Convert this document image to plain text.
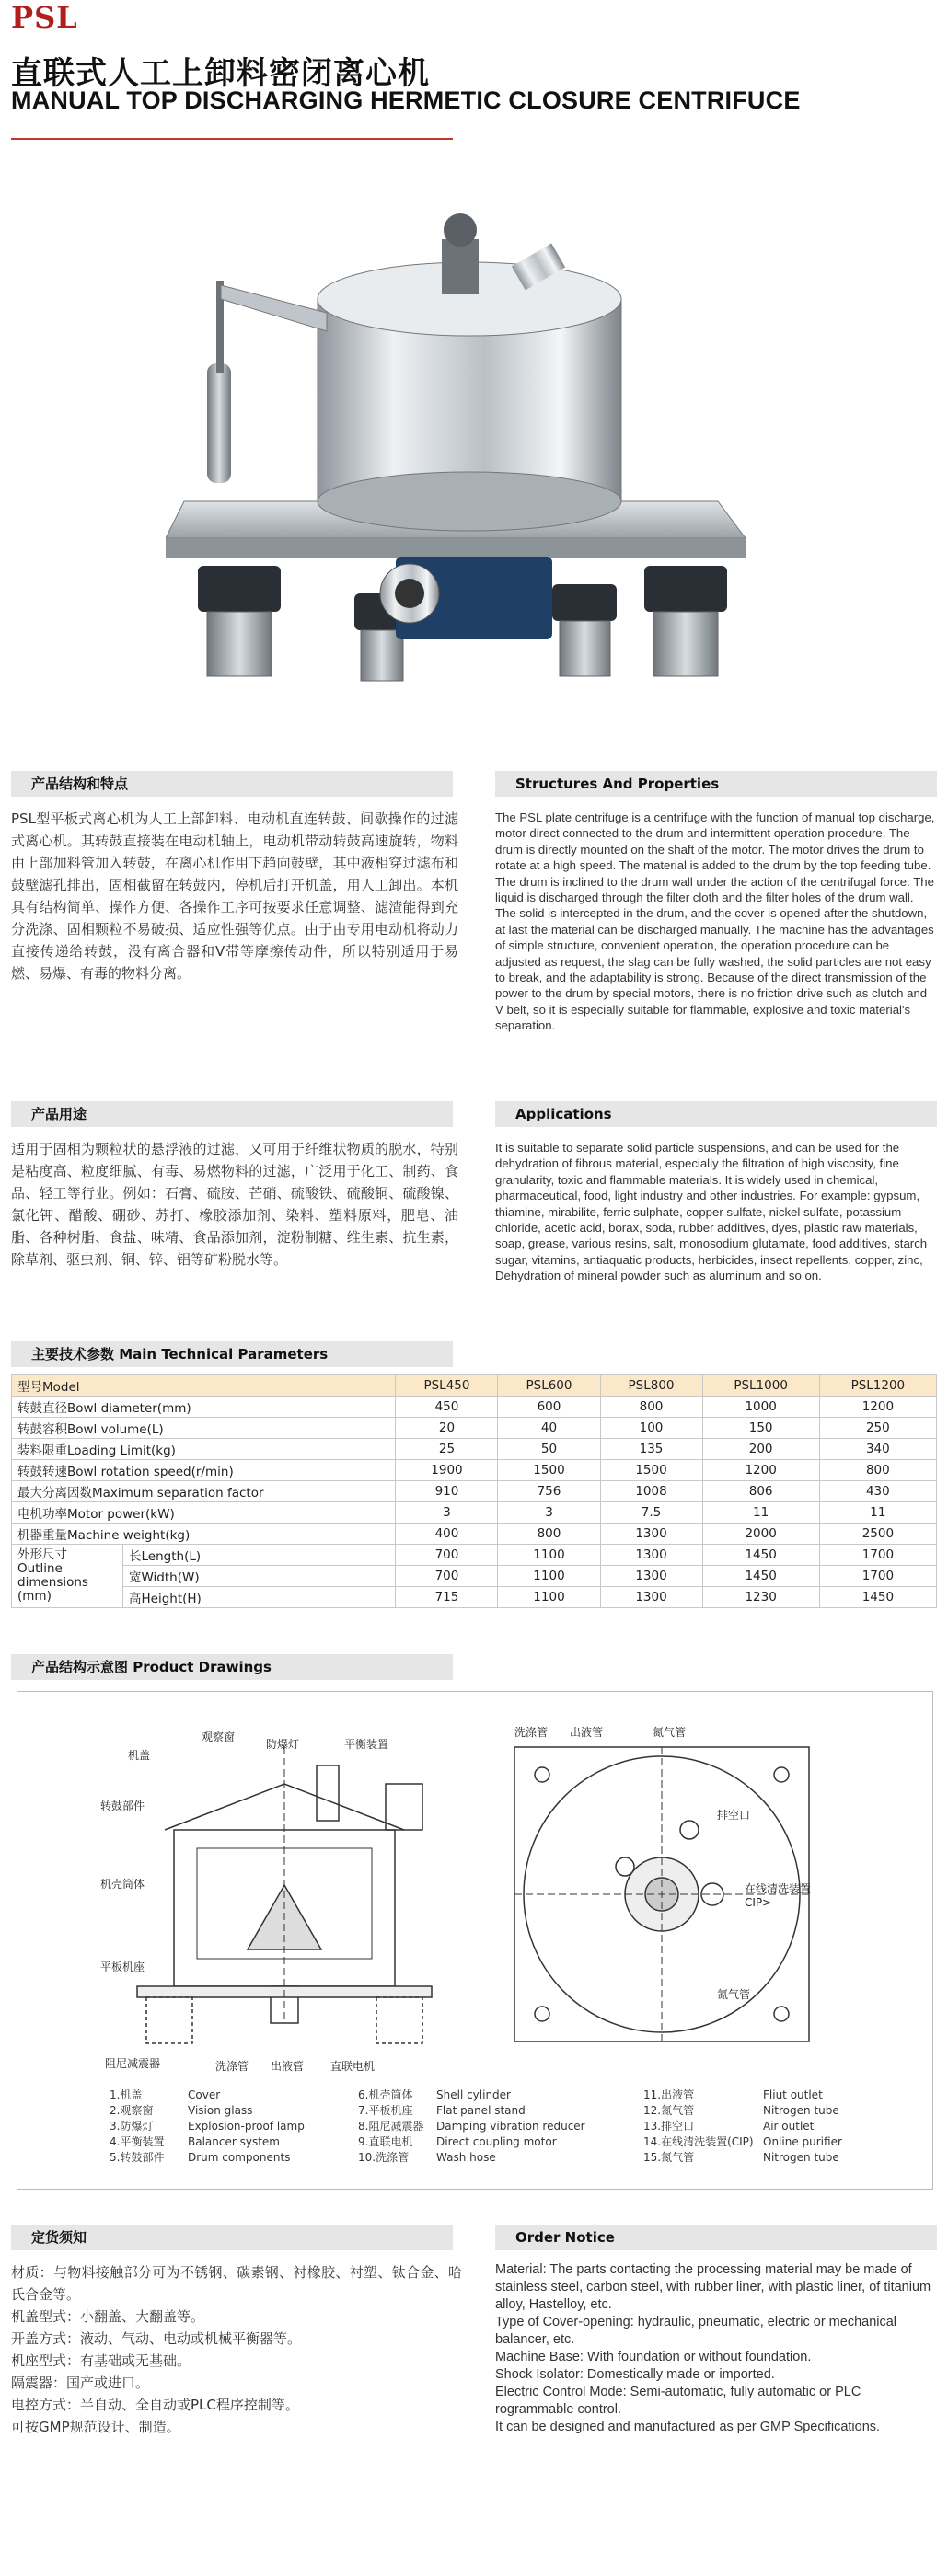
PSL
直联式人工上卸料密闭离心机
MANUAL TOP DISCHARGING HERMETIC CLOSURE CENTRIFUCE
产品结构和特点	Structures And Properties
PSL型平板式离心机为人工上部卸料、电动机直连转鼓、间歇操作的过滤式离心机。其转鼓直接装在电动机轴上，电动机带动转鼓高速旋转，物料由上部加料管加入转鼓，在离心机作用下趋向鼓壁，其中液相穿过滤布和鼓壁滤孔排出，固相截留在转鼓内，停机后打开机盖，用人工卸出。本机具有结构简单、操作方便、各操作工序可按要求任意调整、滤渣能得到充分洗涤、固相颗粒不易破损、适应性强等优点。由于由专用电动机将动力直接传递给转鼓，没有离合器和V带等摩擦传动件，所以特别适用于易燃、易爆、有毒的物料分离。
The PSL plate centrifuge is a centrifuge with the function of manual top discharge, motor direct connected to the drum and intermittent operation procedure. The drum is directly mounted on the shaft of the motor. The motor drives the drum to rotate at a high speed. The material is added to the drum by the top feeding tube. The drum is inclined to the drum wall under the action of the centrifugal force. The liquid is discharged through the filter cloth and the filter holes of the drum wall. The solid is intercepted in the drum, and the cover is opened after the shutdown, at last the material can be discharged manually. The machine has the advantages of simple structure, convenient operation, the operation procedure can be adjusted as request, the slag can be fully washed, the solid particles are not easy to break, and the adaptability is strong. Because of the direct transmission of the power to the drum by special motors, there is no friction drive such as clutch and V belt, so it is especially suitable for flammable, explosive and toxic material's separation.
产品用途	Applications
适用于固相为颗粒状的悬浮液的过滤，又可用于纤维状物质的脱水，特别是粘度高、粒度细腻、有毒、易燃物料的过滤，广泛用于化工、制药、食品、轻工等行业。例如：石膏、硫胺、芒硝、硫酸铁、硫酸铜、硫酸镍、氯化钾、醋酸、硼砂、苏打、橡胶添加剂、染料、塑料原料，肥皂、油脂、各种树脂、食盐、味精、食品添加剂，淀粉制糖、维生素、抗生素，除草剂、驱虫剂、铜、锌、铝等矿粉脱水等。
It is suitable to separate solid particle suspensions, and can be used for the dehydration of fibrous material, especially the filtration of high viscosity, fine granularity, toxic and flammable materials. It is widely used in chemical, pharmaceutical, food, light industry and other industries. For example: gypsum, thiamine, mirabilite, ferric sulphate, copper sulfate, nickel sulfate, potassium chloride, acetic acid, borax, soda, rubber additives, dyes, plastic raw materials, soap, grease, various resins, salt, monosodium glutamate, food additives, starch sugar, vitamins, antiaquatic products, herbicides, insect repellents, copper, zinc, Dehydration of mineral powder such as aluminum and so on.
主要技术参数 Main Technical Parameters
型号Model		PSL450	PSL600	PSL800	PSL1000	PSL1200
转鼓直径Bowl diameter(mm)		450	600	800	1000	1200
转鼓容积Bowl volume(L)		20	40	100	150	250
装料限重Loading Limit(kg)		25	50	135	200	340
转鼓转速Bowl rotation speed(r/min)		1900	1500	1500	1200	800
最大分离因数Maximum separation factor		910	756	1008	806	430
电机功率Motor power(kW)		3	3	7.5	11	11
机器重量Machine weight(kg)		400	800	1300	2000	2500

外形尺寸
Outline dimensions (mm)	长Length(L)	700	1100	1300	1450	1700
	宽Width(W)	700	1100	1300	1450	1700
	高Height(H)	715	1100	1300	1230	1450
产品结构示意图 Product Drawings
机盖
观察窗
防爆灯	平衡装置
转鼓部件
机壳筒体
平板机座
阻尼减震器	洗涤管 出液管 直联电机
洗涤管 出液管	氮气管
排空口
在线清洗装置
CIP>
氮气管
1.机盖	Cover
2.观察窗	Vision glass
3.防爆灯	Explosion-proof lamp
4.平衡装置	Balancer system
5.转鼓部件	Drum components
6.机壳筒体	Shell cylinder
7.平板机座	Flat panel stand
8.阻尼减震器	Damping vibration reducer
9.直联电机	Direct coupling motor
10.洗涤管	Wash hose
11.出液管	Fliut outlet
12.氮气管	Nitrogen tube
13.排空口	Air outlet
14.在线清洗装置(CIP) Online purifier
15.氮气管	Nitrogen tube
定货须知	Order Notice
材质：与物料接触部分可为不锈钢、碳素钢、衬橡胶、衬塑、钛合金、哈氏合金等。
机盖型式：小翻盖、大翻盖等。
开盖方式：液动、气动、电动或机械平衡器等。
机座型式：有基础或无基础。
隔震器：国产或进口。
电控方式：半自动、全自动或PLC程序控制等。
可按GMP规范设计、制造。
Material: The parts contacting the processing material may be made of
stainless steel, carbon steel, with rubber liner, with plastic liner, of titanium alloy, Hastelloy, etc.
Type of Cover-opening: hydraulic, pneumatic, electric or mechanical
balancer, etc.
Machine Base: With foundation or without foundation.
Shock Isolator: Domestically made or imported.
Electric Control Mode: Semi-automatic, fully automatic or PLC rogrammable control.
It can be designed and manufactured as per GMP Specifications.
